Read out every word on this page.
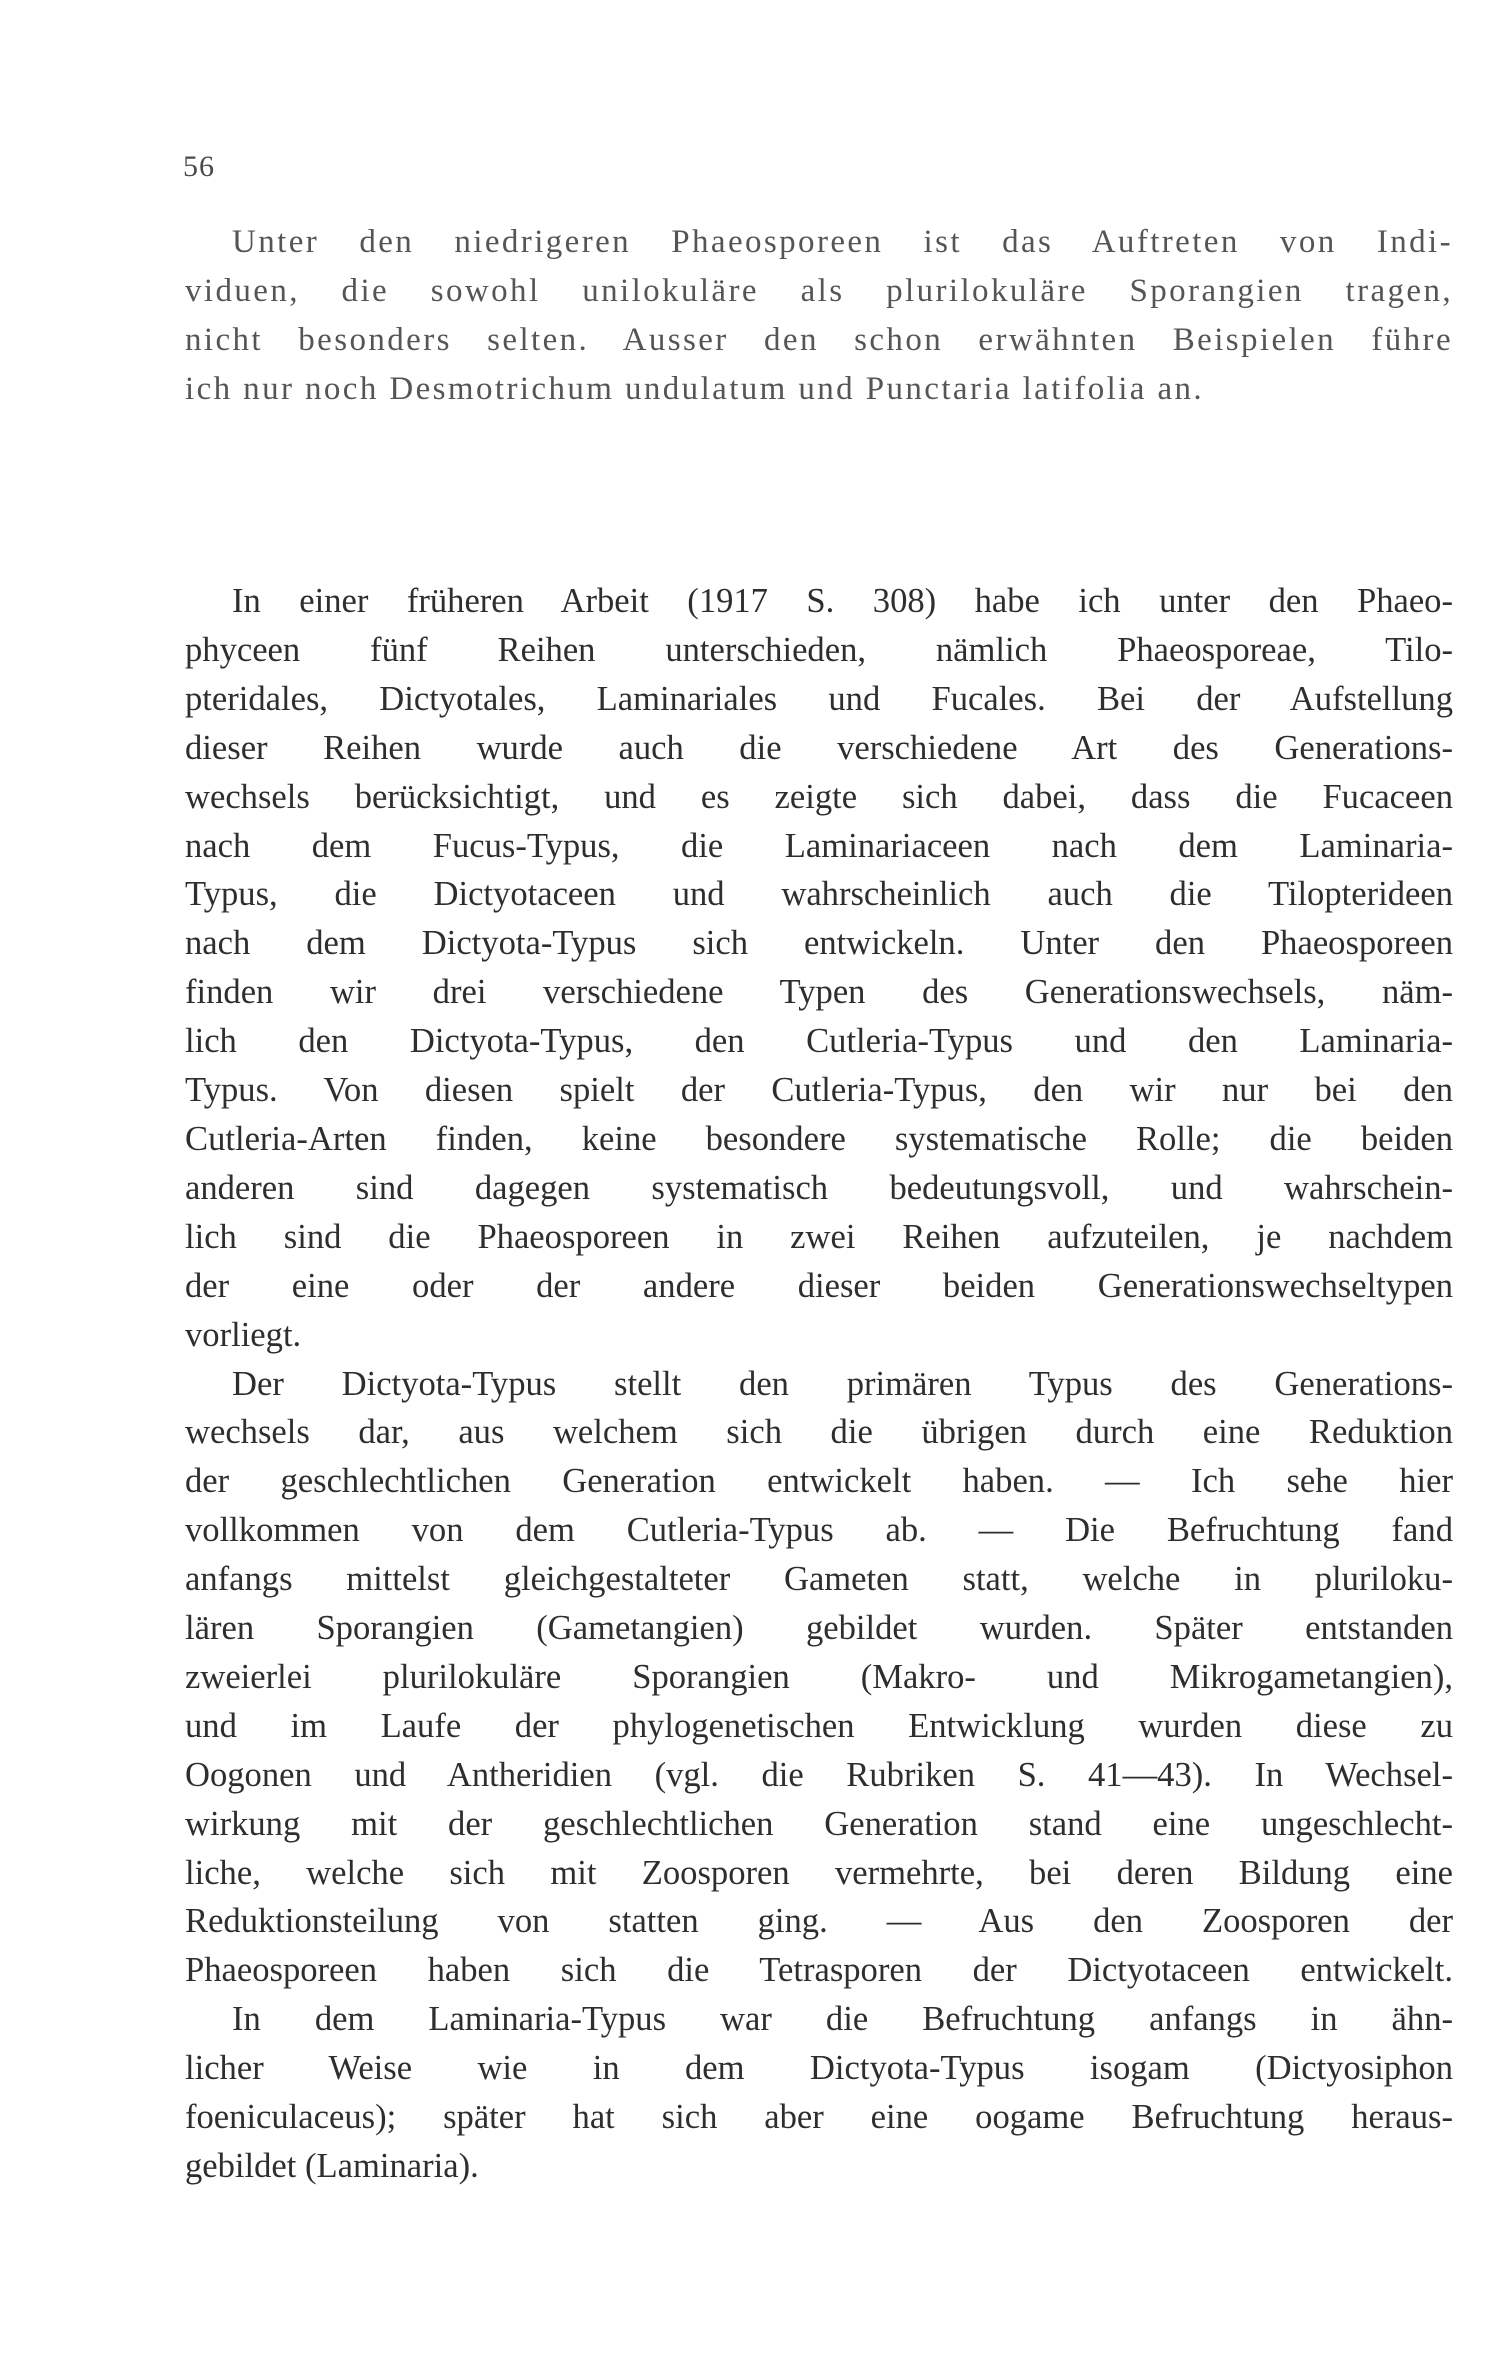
56
Unter den niedrigeren Phaeosporeen ist das Auftreten von Indi-
viduen, die sowohl unilokuläre als plurilokuläre Sporangien tragen,
nicht besonders selten. Ausser den schon erwähnten Beispielen führe
ich nur noch Desmotrichum undulatum und Punctaria latifolia an.
In einer früheren Arbeit (1917 S. 308) habe ich unter den Phaeo-
phyceen fünf Reihen unterschieden, nämlich Phaeosporeae, Tilo-
pteridales, Dictyotales, Laminariales und Fucales. Bei der Aufstellung
dieser Reihen wurde auch die verschiedene Art des Generations-
wechsels berücksichtigt, und es zeigte sich dabei, dass die Fucaceen
nach dem Fucus-Typus, die Laminariaceen nach dem Laminaria-
Typus, die Dictyotaceen und wahrscheinlich auch die Tilopterideen
nach dem Dictyota-Typus sich entwickeln. Unter den Phaeosporeen
finden wir drei verschiedene Typen des Generationswechsels, näm-
lich den Dictyota-Typus, den Cutleria-Typus und den Laminaria-
Typus. Von diesen spielt der Cutleria-Typus, den wir nur bei den
Cutleria-Arten finden, keine besondere systematische Rolle; die beiden
anderen sind dagegen systematisch bedeutungsvoll, und wahrschein-
lich sind die Phaeosporeen in zwei Reihen aufzuteilen, je nachdem
der eine oder der andere dieser beiden Generationswechseltypen
vorliegt.
Der Dictyota-Typus stellt den primären Typus des Generations-
wechsels dar, aus welchem sich die übrigen durch eine Reduktion
der geschlechtlichen Generation entwickelt haben. — Ich sehe hier
vollkommen von dem Cutleria-Typus ab. — Die Befruchtung fand
anfangs mittelst gleichgestalteter Gameten statt, welche in pluriloku-
lären Sporangien (Gametangien) gebildet wurden. Später entstanden
zweierlei plurilokuläre Sporangien (Makro- und Mikrogametangien),
und im Laufe der phylogenetischen Entwicklung wurden diese zu
Oogonen und Antheridien (vgl. die Rubriken S. 41—43). In Wechsel-
wirkung mit der geschlechtlichen Generation stand eine ungeschlecht-
liche, welche sich mit Zoosporen vermehrte, bei deren Bildung eine
Reduktionsteilung von statten ging. — Aus den Zoosporen der
Phaeosporeen haben sich die Tetrasporen der Dictyotaceen entwickelt.
In dem Laminaria-Typus war die Befruchtung anfangs in ähn-
licher Weise wie in dem Dictyota-Typus isogam (Dictyosiphon
foeniculaceus); später hat sich aber eine oogame Befruchtung heraus-
gebildet (Laminaria).
